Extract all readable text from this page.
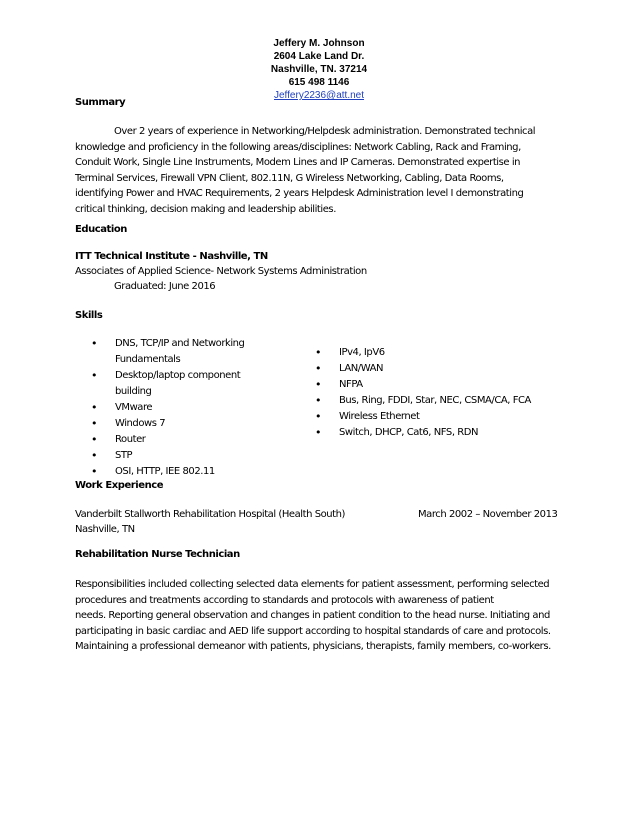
Jeffery M. Johnson
2604 Lake Land Dr.
Nashville, TN. 37214
615 498 1146
Jeffery2236@att.net
Summary
Over 2 years of experience in Networking/Helpdesk administration. Demonstrated technical
knowledge and proficiency in the following areas/disciplines: Network Cabling, Rack and Framing,
Conduit Work, Single Line Instruments, Modem Lines and IP Cameras. Demonstrated expertise in
Terminal Services, Firewall VPN Client, 802.11N, G Wireless Networking, Cabling, Data Rooms,
identifying Power and HVAC Requirements, 2 years Helpdesk Administration level I demonstrating
critical thinking, decision making and leadership abilities.
Education
ITT Technical Institute - Nashville, TN
Associates of Applied Science- Network Systems Administration
Graduated: June 2016
Skills
• DNS, TCP/IP and Networking Fundamentals
• Desktop/laptop component building
• VMware
• Windows 7
• Router
• STP
• OSI, HTTP, IEE 802.11
• IPv4, IpV6
• LAN/WAN
• NFPA
• Bus, Ring, FDDI, Star, NEC, CSMA/CA, FCA
• Wireless Ethernet
• Switch, DHCP, Cat6, NFS, RDN
Work Experience
Vanderbilt Stallworth Rehabilitation Hospital (Health South)	March 2002 – November 2013
Nashville, TN
Rehabilitation Nurse Technician
Responsibilities included collecting selected data elements for patient assessment, performing selected
procedures and treatments according to standards and protocols with awareness of patient
needs. Reporting general observation and changes in patient condition to the head nurse. Initiating and
participating in basic cardiac and AED life support according to hospital standards of care and protocols.
Maintaining a professional demeanor with patients, physicians, therapists, family members, co-workers.
